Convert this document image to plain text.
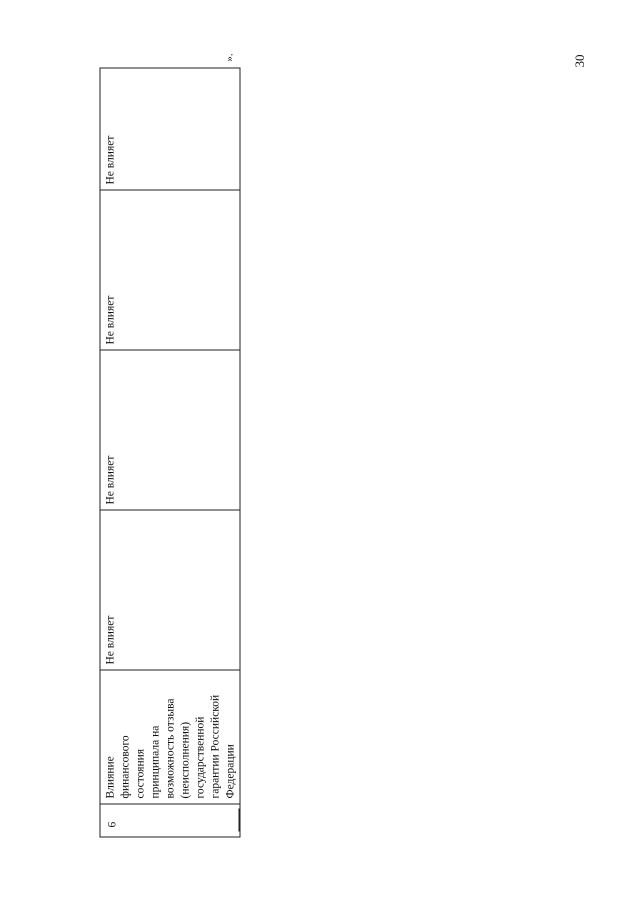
30
6
Влияние
финансового
состояния
принципала на
возможность отзыва
(неисполнения)
государственной
гарантии Российской
Федерации
Не влияет
Не влияет
Не влияет
Не влияет
».
